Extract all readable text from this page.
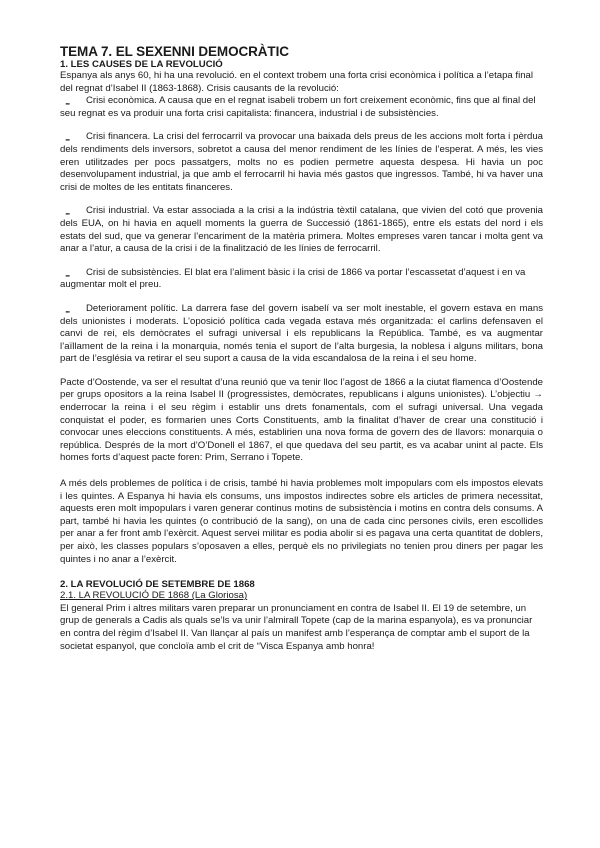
TEMA 7. EL SEXENNI DEMOCRÀTIC
1. LES CAUSES DE LA REVOLUCIÓ

Espanya als anys 60, hi ha una revolució. en el context trobem una forta crisi econòmica i política a l’etapa final del regnat d’Isabel II (1863-1868). Crisis causants de la revolució:

-	Crisi econòmica. A causa que en el regnat isabeli trobem un fort creixement econòmic, fins que al final del seu regnat es va produir una forta crisi capitalista: financera, industrial i de subsistències.

-	Crisi financera. La crisi del ferrocarril va provocar una baixada dels preus de les accions molt forta i pèrdua dels rendiments dels inversors, sobretot a causa del menor rendiment de les línies de l’esperat. A més, les vies eren utilitzades per pocs passatgers, molts no es podien permetre aquesta despesa. Hi havia un poc desenvolupament industrial, ja que amb el ferrocarril hi havia més gastos que ingressos. També, hi va haver una crisi de moltes de les entitats financeres.

-	Crisi industrial. Va estar associada a la crisi a la indústria tèxtil catalana, que vivien del cotó que provenia dels EUA, on hi havia en aquell moments la guerra de Successió (1861-1865), entre els estats del nord i els estats del sud, que va generar l’encariment de la matèria primera. Moltes empreses varen tancar i molta gent va anar a l’atur, a causa de la crisi i de la finalització de les línies de ferrocarril.

-	Crisi de subsistències. El blat era l’aliment bàsic i la crisi de 1866 va portar l’escassetat d’aquest i en va augmentar molt el preu.

-	Deteriorament polític. La darrera fase del govern isabelí va ser molt inestable, el govern estava en mans dels unionistes i moderats. L’oposició política cada vegada estava més organitzada: el carlins defensaven el canvi de rei, els demòcrates el sufragi universal i els republicans la República. També, es va augmentar l’aïllament de la reina i la monarquia, només tenia el suport de l’alta burgesia, la noblesa i alguns militars, bona part de l’església va retirar el seu suport a causa de la vida escandalosa de la reina i el seu home.

Pacte d’Oostende, va ser el resultat d’una reunió que va tenir lloc l’agost de 1866 a la ciutat flamenca d’Oostende per grups opositors a la reina Isabel II (progressistes, demòcrates, republicans i alguns unionistes). L’objectiu → enderrocar la reina i el seu règim i establir uns drets fonamentals, com el sufragi universal. Una vegada conquistat el poder, es formarien unes Corts Constituents, amb la finalitat d’haver de crear una constitució i convocar unes eleccions constituents. A més, establirien una nova forma de govern des de llavors: monarquia o república. Després de la mort d’O’Donell el 1867, el que quedava del seu partit, es va acabar unint al pacte. Els homes forts d’aquest pacte foren: Prim, Serrano i Topete.

A més dels problemes de política i de crisis, també hi havia problemes molt impopulars com els impostos elevats i les quintes. A Espanya hi havia els consums, uns impostos indirectes sobre els articles de primera necessitat, aquests eren molt impopulars i varen generar continus motins de subsistència i motins en contra dels consums. A part, també hi havia les quintes (o contribució de la sang), on una de cada cinc persones civils, eren escollides per anar a fer front amb l’exèrcit. Aquest servei militar es podia abolir si es pagava una certa quantitat de doblers, per això, les classes populars s’oposaven a elles, perquè els no privilegiats no tenien prou diners per pagar les quintes i no anar a l’exèrcit.

2. LA REVOLUCIÓ DE SETEMBRE DE 1868
2.1. LA REVOLUCIÓ DE 1868 (La Gloriosa)

El general Prim i altres militars varen preparar un pronunciament en contra de Isabel II. El 19 de setembre, un grup de generals a Cadis als quals se’ls va unir l’almirall Topete (cap de la marina espanyola), es va pronunciar en contra del règim d’Isabel II. Van llançar al país un manifest amb l’esperança de comptar amb el suport de la societat espanyol, que concloïa amb el crit de “Visca Espanya amb honra!
